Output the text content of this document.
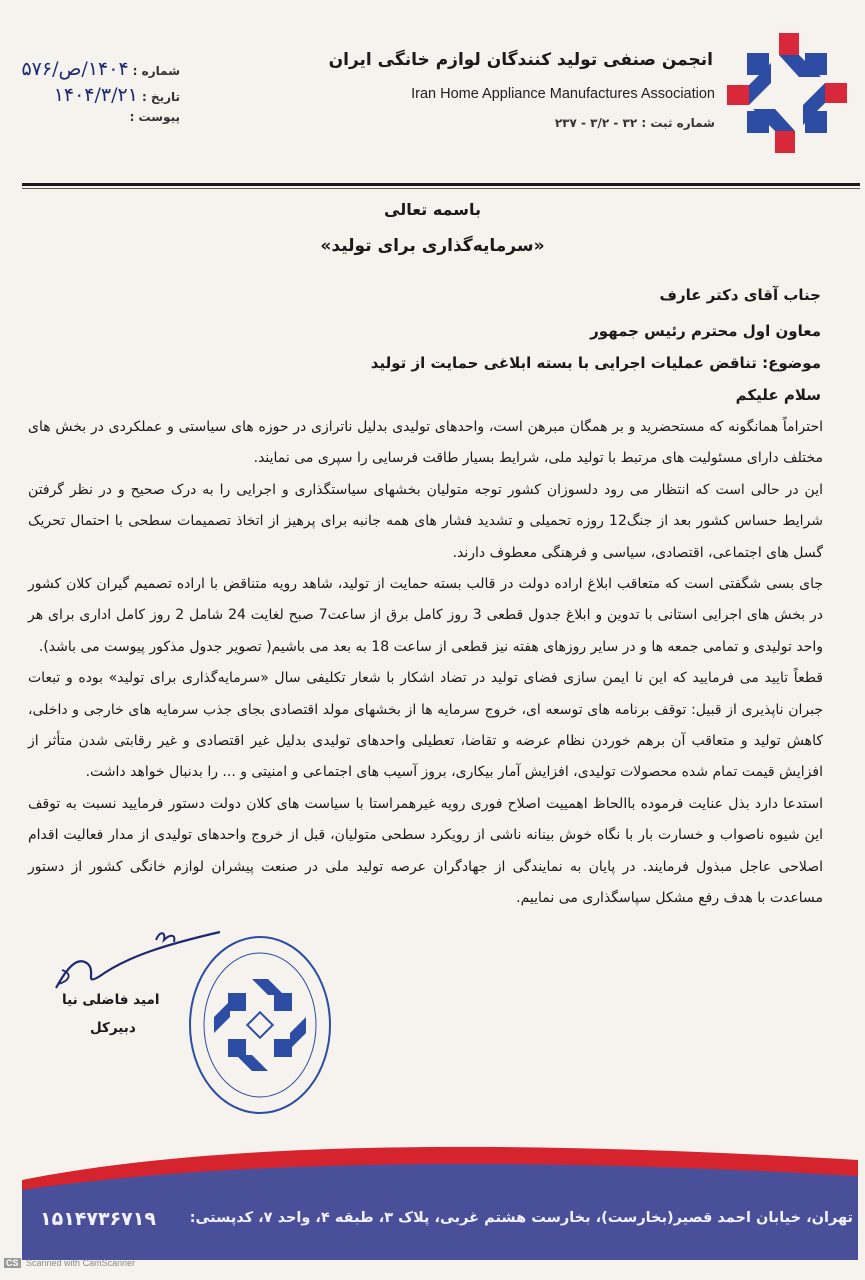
انجمن صنفی تولید کنندگان لوازم خانگی ایران
Iran Home Appliance Manufactures Association
شماره ثبت : ۳۲ - ۳/۲ - ۲۳۷
شماره :
۱۴۰۴/ص/۵۷۶
تاریخ :
۱۴۰۴/۳/۲۱
پیوست :
باسمه تعالی
«سرمایه‌گذاری برای تولید»
جناب آقای دکتر عارف
معاون اول محترم رئیس جمهور
موضوع: تناقض عملیات اجرایی با بسته ابلاغی حمایت از تولید
سلام علیکم

احتراماً همانگونه که مستحضرید و بر همگان مبرهن است، واحدهای تولیدی بدلیل ناترازی در حوزه های سیاستی و عملکردی در بخش های مختلف دارای مسئولیت های مرتبط با تولید ملی، شرایط بسیار طاقت فرسایی را سپری می نمایند.

این در حالی است که انتظار می رود دلسوزان کشور توجه متولیان بخشهای سیاستگذاری و اجرایی را به درک صحیح و در نظر گرفتن شرایط حساس کشور بعد از جنگ12 روزه تحمیلی و تشدید فشار های همه جانبه برای پرهیز از اتخاذ تصمیمات سطحی با احتمال تحریک گسل های اجتماعی، اقتصادی، سیاسی و فرهنگی معطوف دارند.

جای بسی شگفتی است که متعاقب ابلاغ اراده دولت در قالب بسته حمایت از تولید، شاهد رویه متناقض با اراده تصمیم گیران کلان کشور در بخش های اجرایی استانی با تدوین و ابلاغ جدول قطعی 3 روز کامل برق از ساعت7 صبح لغایت 24 شامل 2 روز کامل اداری برای هر واحد تولیدی و تمامی جمعه ها و در سایر روزهای هفته نیز قطعی از ساعت 18 به بعد می باشیم( تصویر جدول مذکور پیوست می باشد).

قطعاً تایید می فرمایید که این نا ایمن سازی فضای تولید در تضاد اشکار با شعار تکلیفی سال «سرمایه‌گذاری برای تولید» بوده و تبعات جبران ناپذیری از قبیل: توقف برنامه های توسعه ای، خروج سرمایه ها از بخشهای مولد اقتصادی بجای جذب سرمایه های خارجی و داخلی، کاهش تولید و متعاقب آن برهم خوردن نظام عرضه و تقاضا، تعطیلی واحدهای تولیدی بدلیل غیر اقتصادی و غیر رقابتی شدن متأثر از افزایش قیمت تمام شده محصولات تولیدی، افزایش آمار بیکاری، بروز آسیب های اجتماعی و امنیتی و ... را بدنبال خواهد داشت.

استدعا دارد بذل عنایت فرموده باالحاظ اهمییت اصلاح فوری رویه غیرهمراستا با سیاست های کلان دولت دستور فرمایید نسبت به توقف این شیوه ناصواب و خسارت بار با نگاه خوش بینانه ناشی از رویکرد سطحی متولیان، قبل از خروج واحدهای تولیدی از مدار فعالیت اقدام اصلاحی عاجل مبذول فرمایند. در پایان به نمایندگی از جهادگران عرصه تولید ملی در صنعت پیشران لوازم خانگی کشور از دستور مساعدت با هدف رفع مشکل سپاسگذاری می نماییم.

امید فاضلی نیا
دبیرکل
تهران، خیابان احمد قصیر(بخارست)، بخارست هشتم غربی، پلاک ۳، طبقه ۴، واحد ۷، کدپستی:
۱۵۱۴۷۳۶۷۱۹
CS Scanned with CamScanner
